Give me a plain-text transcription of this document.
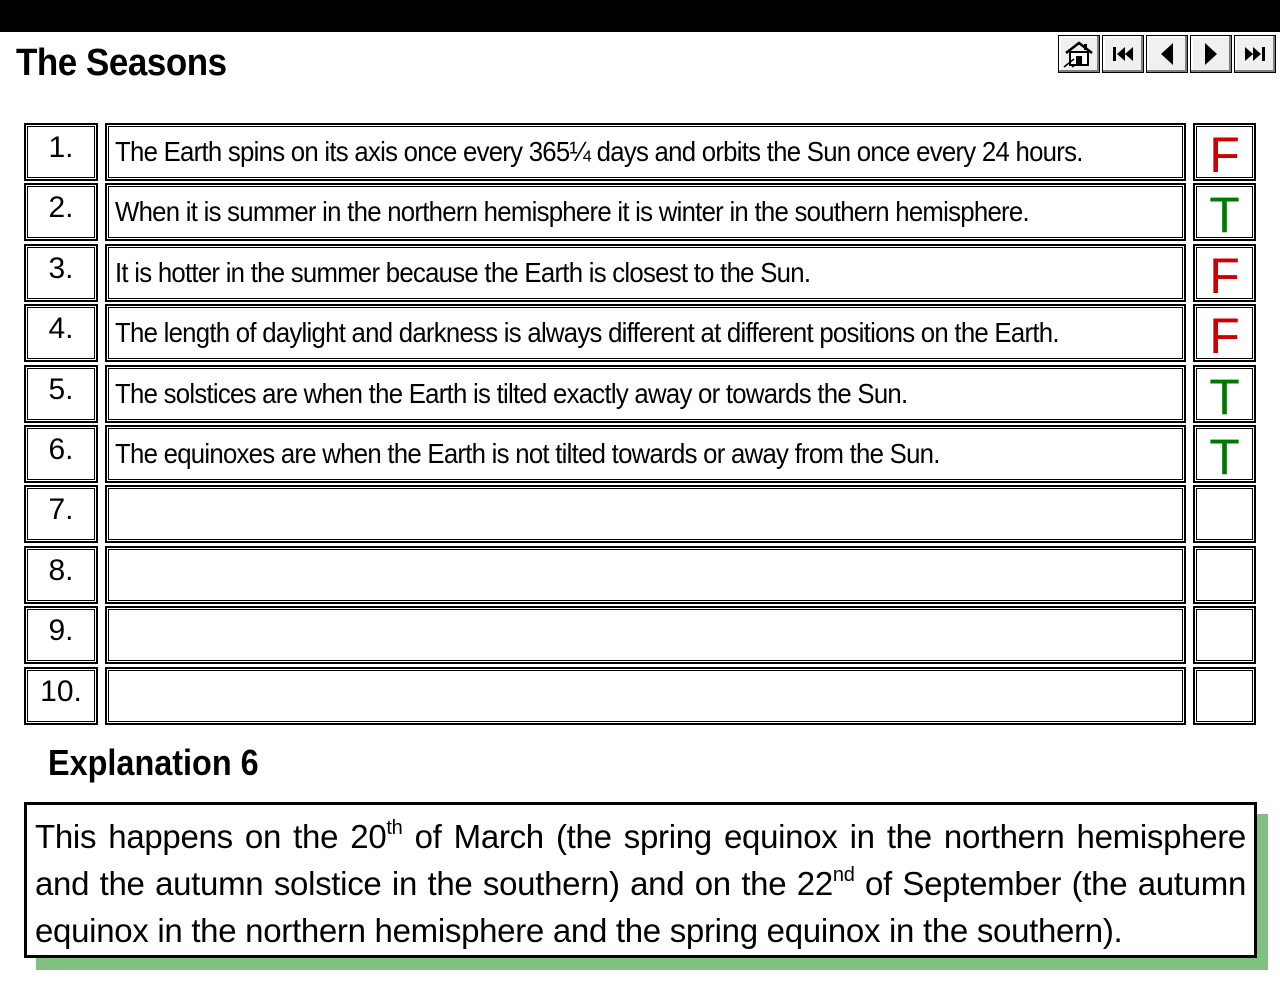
The Seasons
1.	The Earth spins on its axis once every 365¼ days and orbits the Sun once every 24 hours.	F
2.	When it is summer in the northern hemisphere it is winter in the southern hemisphere.	T
3.	It is hotter in the summer because the Earth is closest to the Sun.	F
4.	The length of daylight and darkness is always different at different positions on the Earth.	F
5.	The solstices are when the Earth is tilted exactly away or towards the Sun.	T
6.	The equinoxes are when the Earth is not tilted towards or away from the Sun.	T
7.
8.
9.
10.
Explanation 6
This happens on the 20th of March (the spring equinox in the northern hemisphere and the autumn solstice in the southern) and on the 22nd of September (the autumn equinox in the northern hemisphere and the spring equinox in the southern).
